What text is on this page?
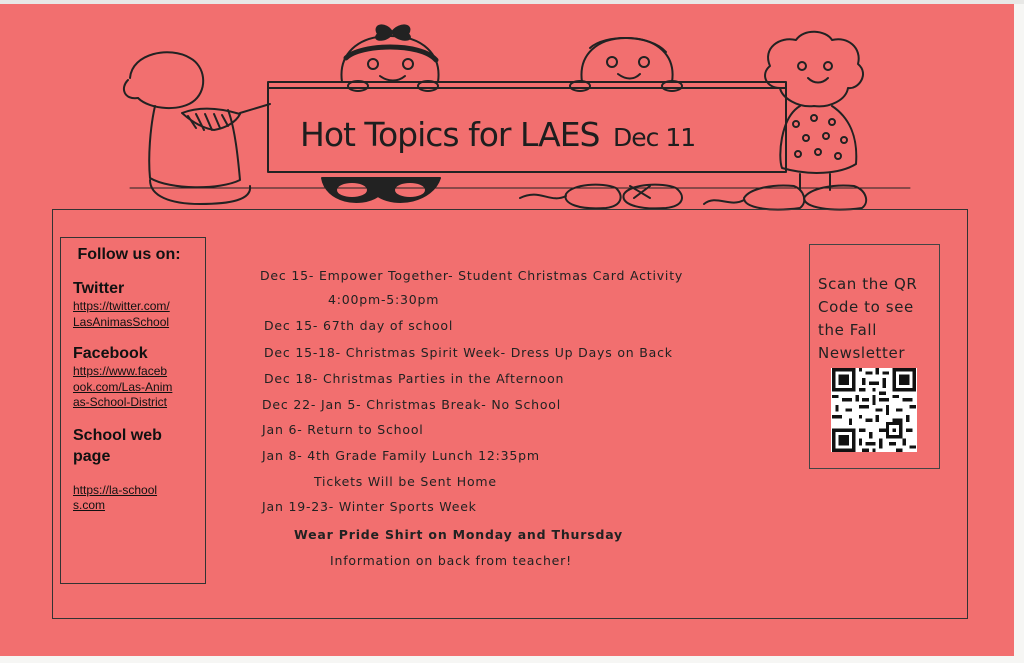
Hot Topics for LAES Dec 11
Follow us on:
Twitter
https://twitter.com/LasAnimasSchool
Facebook
https://www.facebook.com/Las-Animas-School-District
School web page
https://la-schools.com
Dec 15- Empower Together- Student Christmas Card Activity
4:00pm-5:30pm
Dec 15- 67th day of school
Dec 15-18- Christmas Spirit Week- Dress Up Days on Back
Dec 18- Christmas Parties in the Afternoon
Dec 22- Jan 5- Christmas Break- No School
Jan 6- Return to School
Jan 8- 4th Grade Family Lunch 12:35pm
Tickets Will be Sent Home
Jan 19-23- Winter Sports Week
Wear Pride Shirt on Monday and Thursday
Information on back from teacher!
Scan the QR Code to see the Fall Newsletter
